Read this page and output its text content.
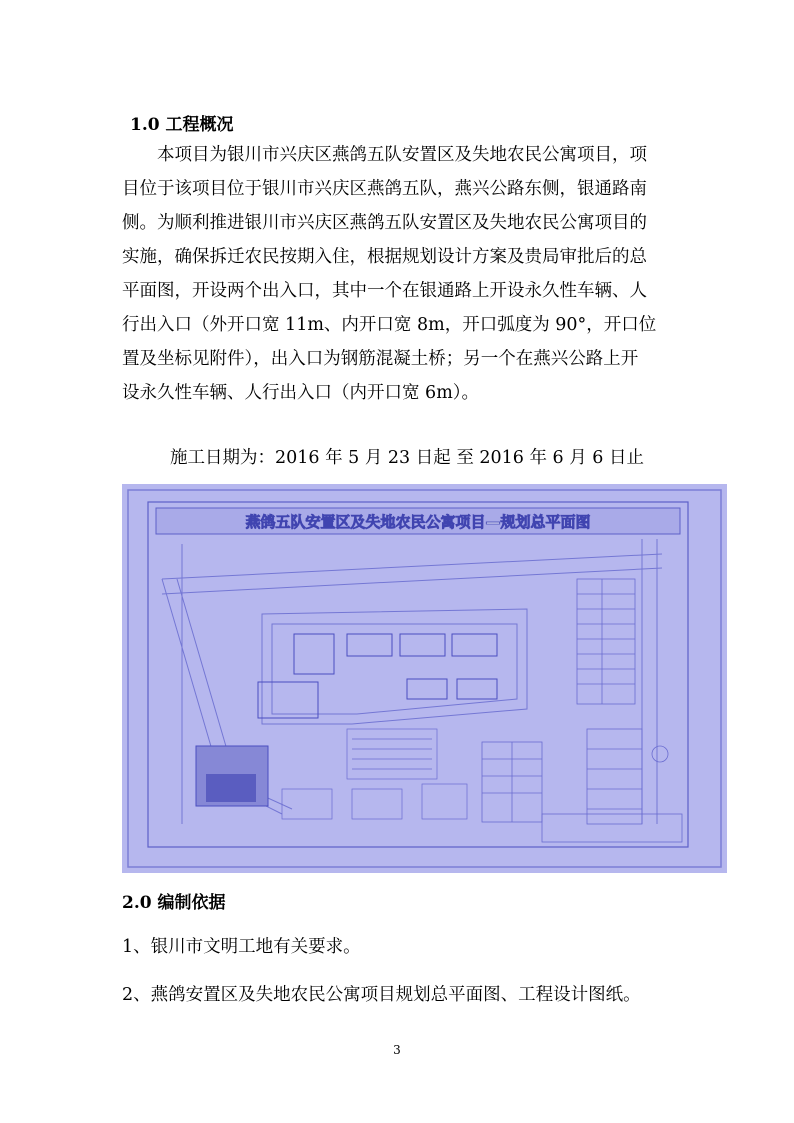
1.0 工程概况
本项目为银川市兴庆区燕鸽五队安置区及失地农民公寓项目，项
目位于该项目位于银川市兴庆区燕鸽五队，燕兴公路东侧，银通路南
侧。为顺利推进银川市兴庆区燕鸽五队安置区及失地农民公寓项目的
实施，确保拆迁农民按期入住，根据规划设计方案及贵局审批后的总
平面图，开设两个出入口，其中一个在银通路上开设永久性车辆、人
行出入口（外开口宽 11m、内开口宽 8m，开口弧度为 90°，开口位
置及坐标见附件），出入口为钢筋混凝土桥；另一个在燕兴公路上开
设永久性车辆、人行出入口（内开口宽 6m）。
施工日期为：2016 年 5 月 23 日起 至 2016 年 6 月 6 日止
燕鸽五队安置区及失地农民公寓项目—规划总平面图
2.0 编制依据
1、银川市文明工地有关要求。
2、燕鸽安置区及失地农民公寓项目规划总平面图、工程设计图纸。
3
